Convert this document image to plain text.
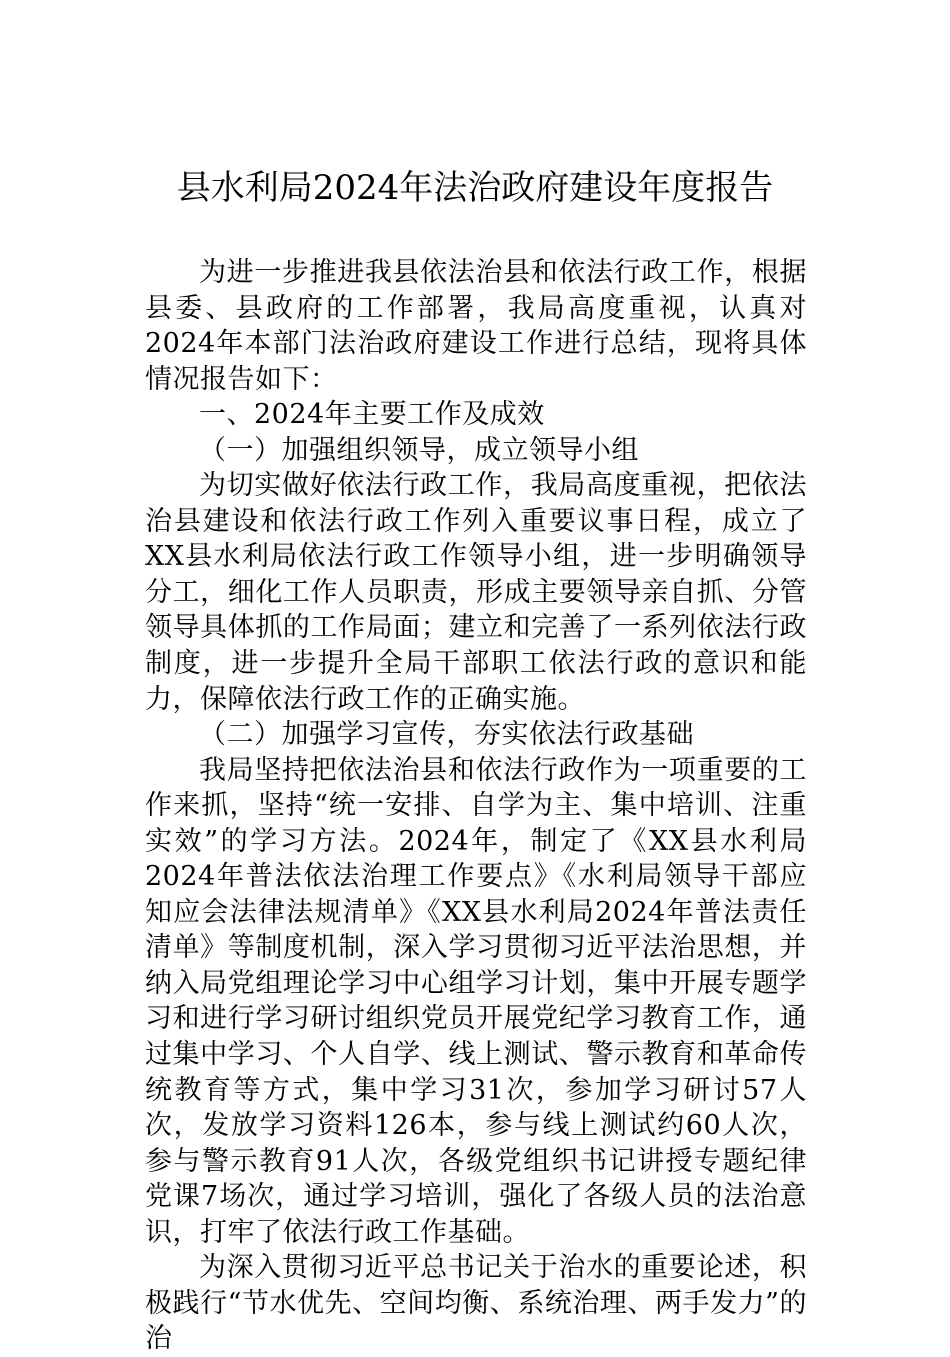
县水利局2024年法治政府建设年度报告

为进一步推进我县依法治县和依法行政工作，根据县委、县政府的工作部署，我局高度重视，认真对2024年本部门法治政府建设工作进行总结，现将具体情况报告如下：

一、2024年主要工作及成效

（一）加强组织领导，成立领导小组

为切实做好依法行政工作，我局高度重视，把依法治县建设和依法行政工作列入重要议事日程，成立了XX县水利局依法行政工作领导小组，进一步明确领导分工，细化工作人员职责，形成主要领导亲自抓、分管领导具体抓的工作局面；建立和完善了一系列依法行政制度，进一步提升全局干部职工依法行政的意识和能力，保障依法行政工作的正确实施。

（二）加强学习宣传，夯实依法行政基础

我局坚持把依法治县和依法行政作为一项重要的工作来抓，坚持“统一安排、自学为主、集中培训、注重实效”的学习方法。2024年，制定了《XX县水利局2024年普法依法治理工作要点》《水利局领导干部应知应会法律法规清单》《XX县水利局2024年普法责任清单》等制度机制，深入学习贯彻习近平法治思想，并纳入局党组理论学习中心组学习计划，集中开展专题学习和进行学习研讨组织党员开展党纪学习教育工作，通过集中学习、个人自学、线上测试、警示教育和革命传统教育等方式，集中学习31次，参加学习研讨57人次，发放学习资料126本，参与线上测试约60人次，参与警示教育91人次，各级党组织书记讲授专题纪律党课7场次，通过学习培训，强化了各级人员的法治意识，打牢了依法行政工作基础。

为深入贯彻习近平总书记关于治水的重要论述，积极践行“节水优先、空间均衡、系统治理、两手发力”的治
